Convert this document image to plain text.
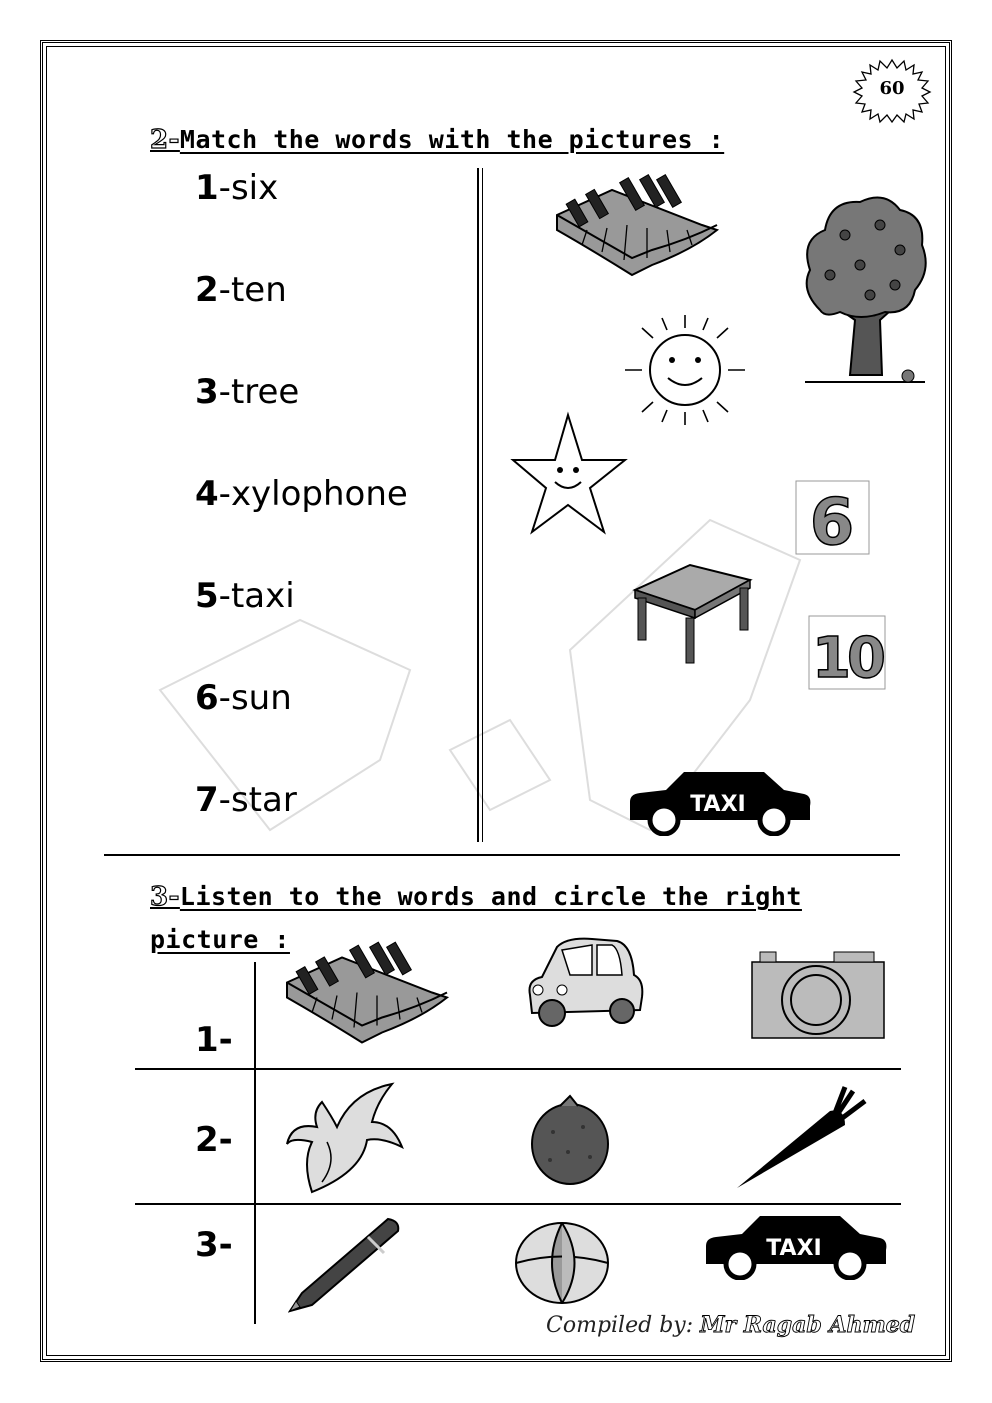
60
2-Match the words with the pictures :
1-six
2-ten
3-tree
4-xylophone
5-taxi
6-sun
7-star
6
10
TAXI
3-Listen to the words and circle the right
picture :
1-
2-
3-	TAXI
Compiled by: Mr Ragab Ahmed
